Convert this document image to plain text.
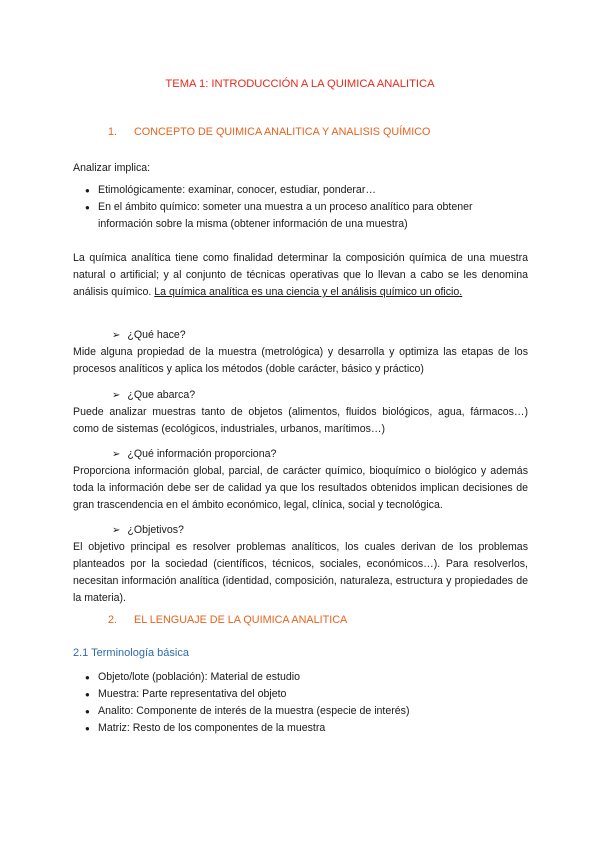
TEMA 1: INTRODUCCIÓN A LA QUIMICA ANALITICA

1. CONCEPTO DE QUIMICA ANALITICA Y ANALISIS QUÍMICO

Analizar implica:

● Etimológicamente: examinar, conocer, estudiar, ponderar…

● En el ámbito químico: someter una muestra a un proceso analítico para obtener información sobre la misma (obtener información de una muestra)

La química analítica tiene como finalidad determinar la composición química de una muestra natural o artificial; y al conjunto de técnicas operativas que lo llevan a cabo se les denomina análisis químico. La química analítica es una ciencia y el análisis químico un oficio.

➢ ¿Qué hace?

Mide alguna propiedad de la muestra (metrológica) y desarrolla y optimiza las etapas de los procesos analíticos y aplica los métodos (doble carácter, básico y práctico)

➢ ¿Que abarca?

Puede analizar muestras tanto de objetos (alimentos, fluidos biológicos, agua, fármacos…) como de sistemas (ecológicos, industriales, urbanos, marítimos…)

➢ ¿Qué información proporciona?

Proporciona información global, parcial, de carácter químico, bioquímico o biológico y además toda la información debe ser de calidad ya que los resultados obtenidos implican decisiones de gran trascendencia en el ámbito económico, legal, clínica, social y tecnológica.

➢ ¿Objetivos?

El objetivo principal es resolver problemas analíticos, los cuales derivan de los problemas planteados por la sociedad (científicos, técnicos, sociales, económicos…). Para resolverlos, necesitan información analítica (identidad, composición, naturaleza, estructura y propiedades de la materia).

2. EL LENGUAJE DE LA QUIMICA ANALITICA

2.1 Terminología básica

● Objeto/lote (población): Material de estudio

● Muestra: Parte representativa del objeto

● Analito: Componente de interés de la muestra (especie de interés)

● Matriz: Resto de los componentes de la muestra
